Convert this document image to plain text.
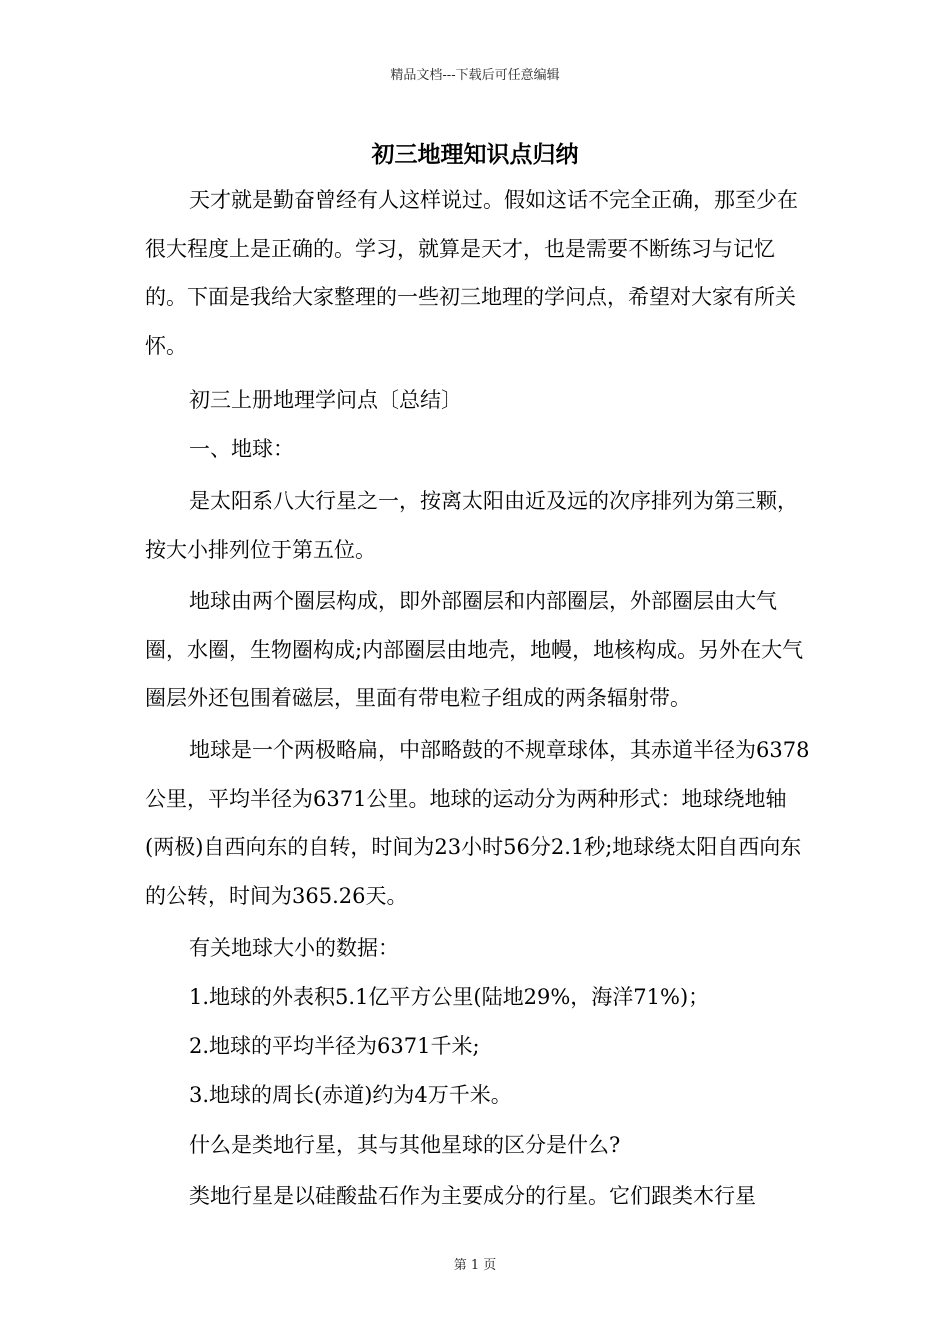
精品文档---下载后可任意编辑
初三地理知识点归纳

天才就是勤奋曾经有人这样说过。假如这话不完全正确，那至少在很大程度上是正确的。学习，就算是天才，也是需要不断练习与记忆的。下面是我给大家整理的一些初三地理的学问点，希望对大家有所关怀。

初三上册地理学问点〔总结〕

一、地球：

是太阳系八大行星之一，按离太阳由近及远的次序排列为第三颗，按大小排列位于第五位。

地球由两个圈层构成，即外部圈层和内部圈层，外部圈层由大气圈，水圈，生物圈构成;内部圈层由地壳，地幔，地核构成。另外在大气圈层外还包围着磁层，里面有带电粒子组成的两条辐射带。

地球是一个两极略扁，中部略鼓的不规章球体，其赤道半径为6378公里，平均半径为6371公里。地球的运动分为两种形式：地球绕地轴(两极)自西向东的自转，时间为23小时56分2.1秒;地球绕太阳自西向东的公转，时间为365.26天。

有关地球大小的数据：

1.地球的外表积5.1亿平方公里(陆地29%，海洋71%)；

2.地球的平均半径为6371千米;

3.地球的周长(赤道)约为4万千米。

什么是类地行星，其与其他星球的区分是什么?

类地行星是以硅酸盐石作为主要成分的行星。它们跟类木行星

第 1 页
